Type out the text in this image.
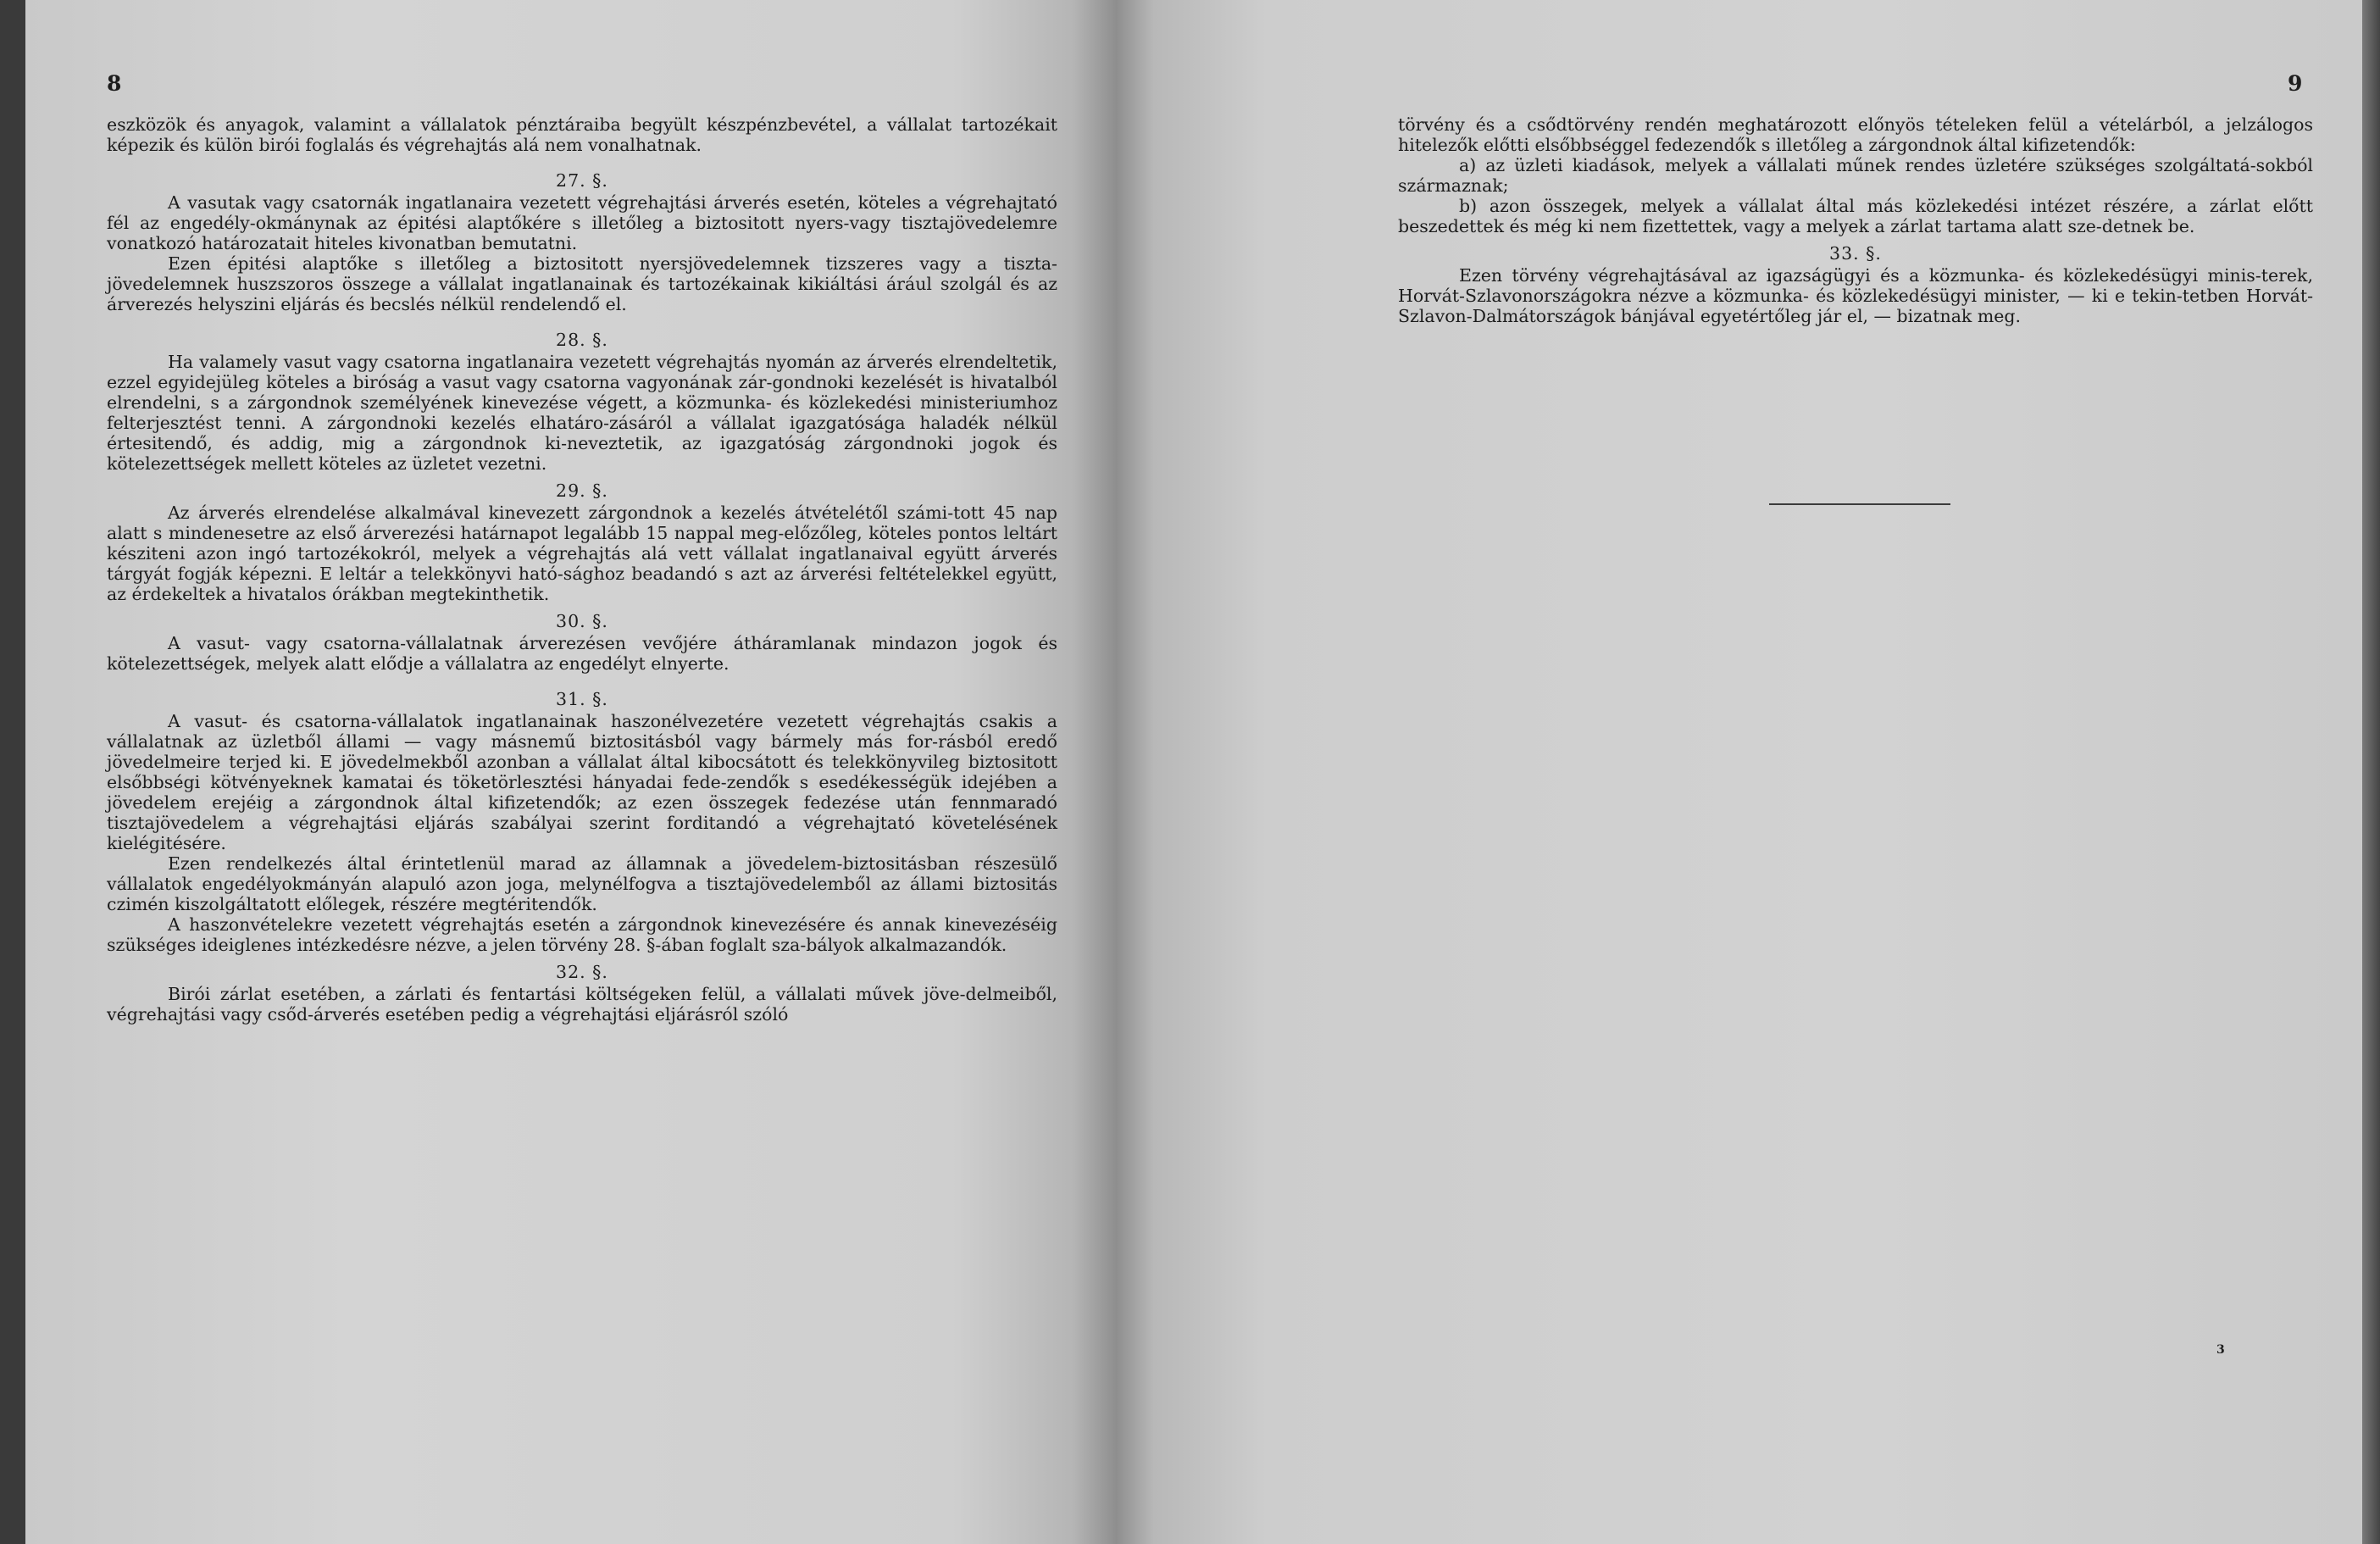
8	9

eszközök és anyagok, valamint a vállalatok pénztáraiba begyült készpénzbevétel, a vállalat tartozékait képezik és külön birói foglalás és végrehajtás alá nem vonalhatnak.

27. §.

A vasutak vagy csatornák ingatlanaira vezetett végrehajtási árverés esetén, köteles a végrehajtató fél az engedély-okmánynak az épitési alaptőkére s illetőleg a biztositott nyers-vagy tisztajövedelemre vonatkozó határozatait hiteles kivonatban bemutatni.

Ezen épitési alaptőke s illetőleg a biztositott nyersjövedelemnek tizszeres vagy a tiszta-jövedelemnek huszszoros összege a vállalat ingatlanainak és tartozékainak kikiáltási árául szolgál és az árverezés helyszini eljárás és becslés nélkül rendelendő el.

28. §.

Ha valamely vasut vagy csatorna ingatlanaira vezetett végrehajtás nyomán az árverés elrendeltetik, ezzel egyidejüleg köteles a biróság a vasut vagy csatorna vagyonának zár-gondnoki kezelését is hivatalból elrendelni, s a zárgondnok személyének kinevezése végett, a közmunka- és közlekedési ministeriumhoz felterjesztést tenni. A zárgondnoki kezelés elhatáro-zásáról a vállalat igazgatósága haladék nélkül értesitendő, és addig, mig a zárgondnok ki-neveztetik, az igazgatóság zárgondnoki jogok és kötelezettségek mellett köteles az üzletet vezetni.

29. §.

Az árverés elrendelése alkalmával kinevezett zárgondnok a kezelés átvételétől számi-tott 45 nap alatt s mindenesetre az első árverezési határnapot legalább 15 nappal meg-előzőleg, köteles pontos leltárt késziteni azon ingó tartozékokról, melyek a végrehajtás alá vett vállalat ingatlanaival együtt árverés tárgyát fogják képezni. E leltár a telekkönyvi ható-sághoz beadandó s azt az árverési feltételekkel együtt, az érdekeltek a hivatalos órákban megtekinthetik.

30. §.

A vasut- vagy csatorna-vállalatnak árverezésen vevőjére átháramlanak mindazon jogok és kötelezettségek, melyek alatt elődje a vállalatra az engedélyt elnyerte.

31. §.

A vasut- és csatorna-vállalatok ingatlanainak haszonélvezetére vezetett végrehajtás csakis a vállalatnak az üzletből állami — vagy másnemű biztositásból vagy bármely más for-rásból eredő jövedelmeire terjed ki. E jövedelmekből azonban a vállalat által kibocsátott és telekkönyvileg biztositott elsőbbségi kötvényeknek kamatai és töketörlesztési hányadai fede-zendők s esedékességük idejében a jövedelem erejéig a zárgondnok által kifizetendők; az ezen összegek fedezése után fennmaradó tisztajövedelem a végrehajtási eljárás szabályai szerint forditandó a végrehajtató követelésének kielégitésére.

Ezen rendelkezés által érintetlenül marad az államnak a jövedelem-biztositásban részesülő vállalatok engedélyokmányán alapuló azon joga, melynélfogva a tisztajövedelemből az állami biztositás czimén kiszolgáltatott előlegek, részére megtéritendők.

A haszonvételekre vezetett végrehajtás esetén a zárgondnok kinevezésére és annak kinevezéséig szükséges ideiglenes intézkedésre nézve, a jelen törvény 28. §-ában foglalt sza-bályok alkalmazandók.

32. §.

Birói zárlat esetében, a zárlati és fentartási költségeken felül, a vállalati művek jöve-delmeiből, végrehajtási vagy csőd-árverés esetében pedig a végrehajtási eljárásról szóló

törvény és a csődtörvény rendén meghatározott előnyös tételeken felül a vételárból, a jelzálogos hitelezők előtti elsőbbséggel fedezendők s illetőleg a zárgondnok által kifizetendők:

a) az üzleti kiadások, melyek a vállalati műnek rendes üzletére szükséges szolgáltatá-sokból származnak;

b) azon összegek, melyek a vállalat által más közlekedési intézet részére, a zárlat előtt beszedettek és még ki nem fizettettek, vagy a melyek a zárlat tartama alatt sze-detnek be.

33. §.

Ezen törvény végrehajtásával az igazságügyi és a közmunka- és közlekedésügyi minis-terek, Horvát-Szlavonországokra nézve a közmunka- és közlekedésügyi minister, — ki e tekin-tetben Horvát-Szlavon-Dalmátországok bánjával egyetértőleg jár el, — bizatnak meg.

3
